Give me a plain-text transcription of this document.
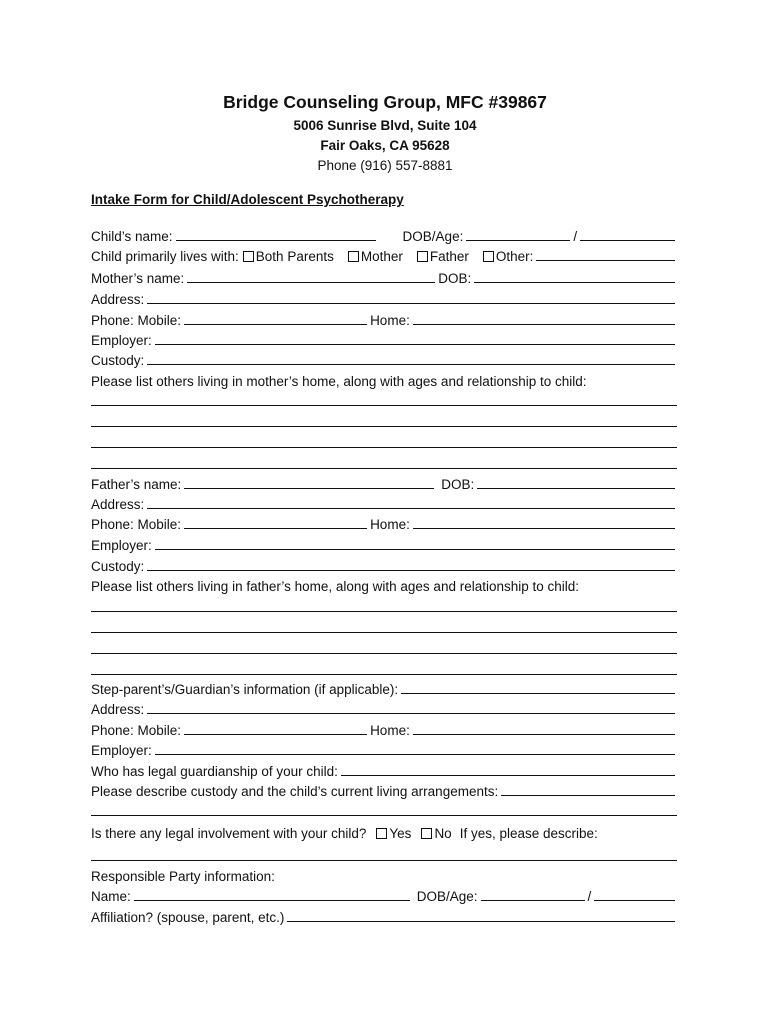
Bridge Counseling Group, MFC #39867
5006 Sunrise Blvd, Suite 104
Fair Oaks, CA 95628
Phone (916) 557-8881
Intake Form for Child/Adolescent Psychotherapy
Child’s name:	DOB/Age:	/
Child primarily lives with: Both Parents Mother Father Other:
Mother’s name:	DOB:
Address:
Phone: Mobile:	Home:
Employer:
Custody:
Please list others living in mother’s home, along with ages and relationship to child:
Father’s name:	DOB:
Address:
Phone: Mobile:	Home:
Employer:
Custody:
Please list others living in father’s home, along with ages and relationship to child:
Step-parent’s/Guardian’s information (if applicable):
Address:
Phone: Mobile:	Home:
Employer:
Who has legal guardianship of your child:
Please describe custody and the child’s current living arrangements:
Is there any legal involvement with your child? Yes No If yes, please describe:
Responsible Party information:
Name:	DOB/Age:	/
Affiliation? (spouse, parent, etc.)
